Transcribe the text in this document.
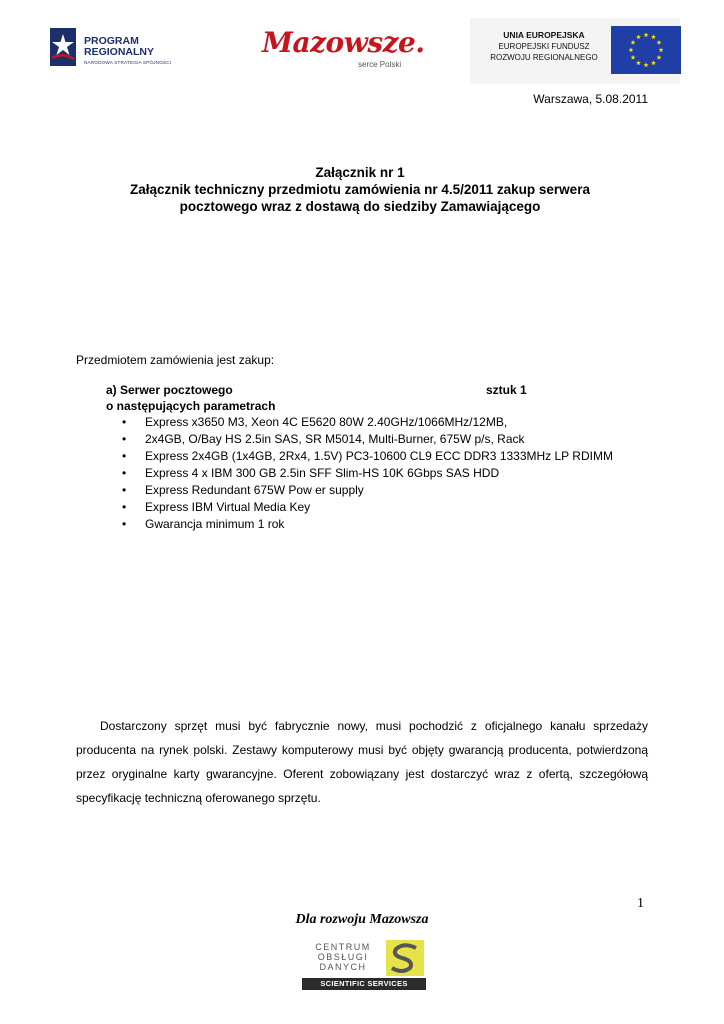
PROGRAM
REGIONALNY
NARODOWA STRATEGIA SPÓJNOŚCI
Mazowsze.
serce Polski
UNIA EUROPEJSKA
EUROPEJSKI FUNDUSZ
ROZWOJU REGIONALNEGO
Warszawa, 5.08.2011
Załącznik nr 1
Załącznik techniczny przedmiotu zamówienia nr 4.5/2011 zakup serwera
pocztowego wraz z dostawą do siedziby Zamawiającego
Przedmiotem zamówienia jest zakup:
a) Serwer pocztowego	sztuk 1
o następujących parametrach
• Express x3650 M3, Xeon 4C E5620 80W 2.40GHz/1066MHz/12MB,
• 2x4GB, O/Bay HS 2.5in SAS, SR M5014, Multi-Burner, 675W p/s, Rack
• Express 2x4GB (1x4GB, 2Rx4, 1.5V) PC3-10600 CL9 ECC DDR3 1333MHz LP RDIMM
• Express 4 x IBM 300 GB 2.5in SFF Slim-HS 10K 6Gbps SAS HDD
• Express Redundant 675W Pow er supply
• Express IBM Virtual Media Key
• Gwarancja minimum 1 rok

Dostarczony sprzęt musi być fabrycznie nowy, musi pochodzić z oficjalnego kanału sprzedaży producenta na rynek polski. Zestawy komputerowy musi być objęty gwarancją producenta, potwierdzoną przez oryginalne karty gwarancyjne. Oferent zobowiązany jest dostarczyć wraz z ofertą, szczegółową specyfikację techniczną oferowanego sprzętu.

1
Dla rozwoju Mazowsza
CENTRUM
OBSŁUGI
DANYCH
SCIENTIFIC SERVICES
